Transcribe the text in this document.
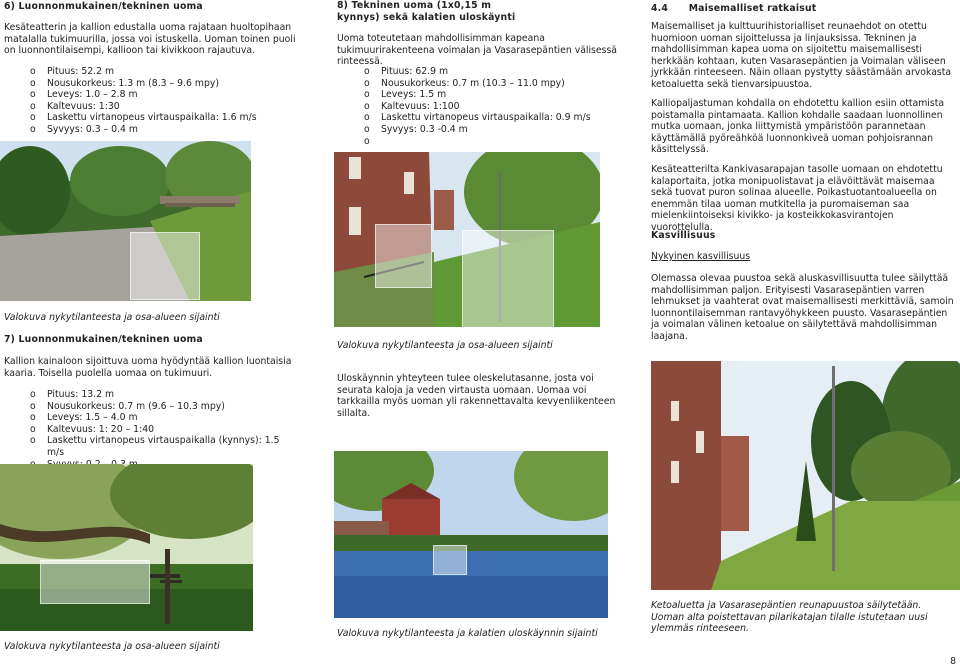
6) Luonnonmukainen/tekninen uoma

Kesäteatterin ja kallion edustalla uoma rajataan huoltopihaan matalalla tukimuurilla, jossa voi istuskella. Uoman toinen puoli on luonnontilaisempi, kallioon tai kivikkoon rajautuva.

o Pituus: 52.2 m
o Nousukorkeus: 1.3 m (8.3 – 9.6 mpy)
o Leveys: 1.0 – 2.8 m
o Kaltevuus: 1:30
o Laskettu virtanopeus virtauspaikalla: 1.6 m/s
o Syvyys: 0.3 – 0.4 m
Valokuva nykytilanteesta ja osa-alueen sijainti
7) Luonnonmukainen/tekninen uoma

Kallion kainaloon sijoittuva uoma hyödyntää kallion luontaisia kaaria. Toisella puolella uomaa on tukimuuri.

o Pituus: 13.2 m
o Nousukorkeus: 0.7 m (9.6 – 10.3 mpy)
o Leveys: 1.5 – 4.0 m
o Kaltevuus: 1: 20 – 1:40
o Laskettu virtanopeus virtauspaikalla (kynnys): 1.5 m/s
o
Valokuva nykytilanteesta ja osa-alueen sijainti

8) Tekninen uoma (1x0,15 m kynnys) sekä kalatien uloskäynti

Uoma toteutetaan mahdollisimman kapeana tukimuurirakenteena voimalan ja Vasarasepäntien välisessä rinteessä.

o Pituus: 62.9 m
o Nousukorkeus: 0.7 m (10.3 – 11.0 mpy)
o Leveys: 1.5 m
o Kaltevuus: 1:100
o Laskettu virtanopeus virtauspaikalla: 0.9 m/s
o Syvyys: 0.3 -0.4 m
o
Valokuva nykytilanteesta ja osa-alueen sijainti

Uloskäynnin yhteyteen tulee oleskelutasanne, josta voi seurata kaloja ja veden virtausta uomaan. Uomaa voi tarkkailla myös uoman yli rakennettavalta kevyenliikenteen sillalta.

Valokuva nykytilanteesta ja kalatien uloskäynnin sijainti
4.4      Maisemalliset ratkaisut

Maisemalliset ja kulttuurihistorialliset reunaehdot on otettu huomioon uoman sijoittelussa ja linjauksissa. Tekninen ja mahdollisimman kapea uoma on sijoitettu maisemallisesti herkkään kohtaan, kuten Vasarasepäntien ja Voimalan väliseen jyrkkään rinteeseen. Näin ollaan pystytty säästämään arvokasta ketoaluetta sekä tienvarsipuustoa.

Kalliopaljastuman kohdalla on ehdotettu kallion esiin ottamista poistamalla pintamaata. Kallion kohdalle saadaan luonnollinen mutka uomaan, jonka liittymistä ympäristöön parannetaan käyttämällä pyöreähköä luonnonkiveä uoman pohjoisrannan käsittelyssä.

Kesäteatterilta Kankivasarapajan tasolle uomaan on ehdotettu kalaportaita, jotka monipuolistavat ja elävöittävät maisemaa sekä tuovat puron solinaa alueelle. Poikastuotantoalueella on enemmän tilaa uoman mutkitella ja puromaiseman saa mielenkiintoiseksi kivikko- ja kosteikkokasvirantojen vuorottelulla.

Kasvillisuus
Nykyinen kasvillisuus

Olemassa olevaa puustoa sekä aluskasvillisuutta tulee säilyttää mahdollisimman paljon. Erityisesti Vasarasepäntien varren lehmukset ja vaahterat ovat maisemallisesti merkittäviä, samoin luonnontilaisemman rantavyöhykkeen puusto. Vasarasepäntien ja voimalan välinen ketoalue on säilytettävä mahdollisimman laajana.

Ketoaluetta ja Vasarasepäntien reunapuustoa säilytetään. Uoman alta poistettavan pilarikatajan tilalle istutetaan uusi ylemmäs rinteeseen.

8
